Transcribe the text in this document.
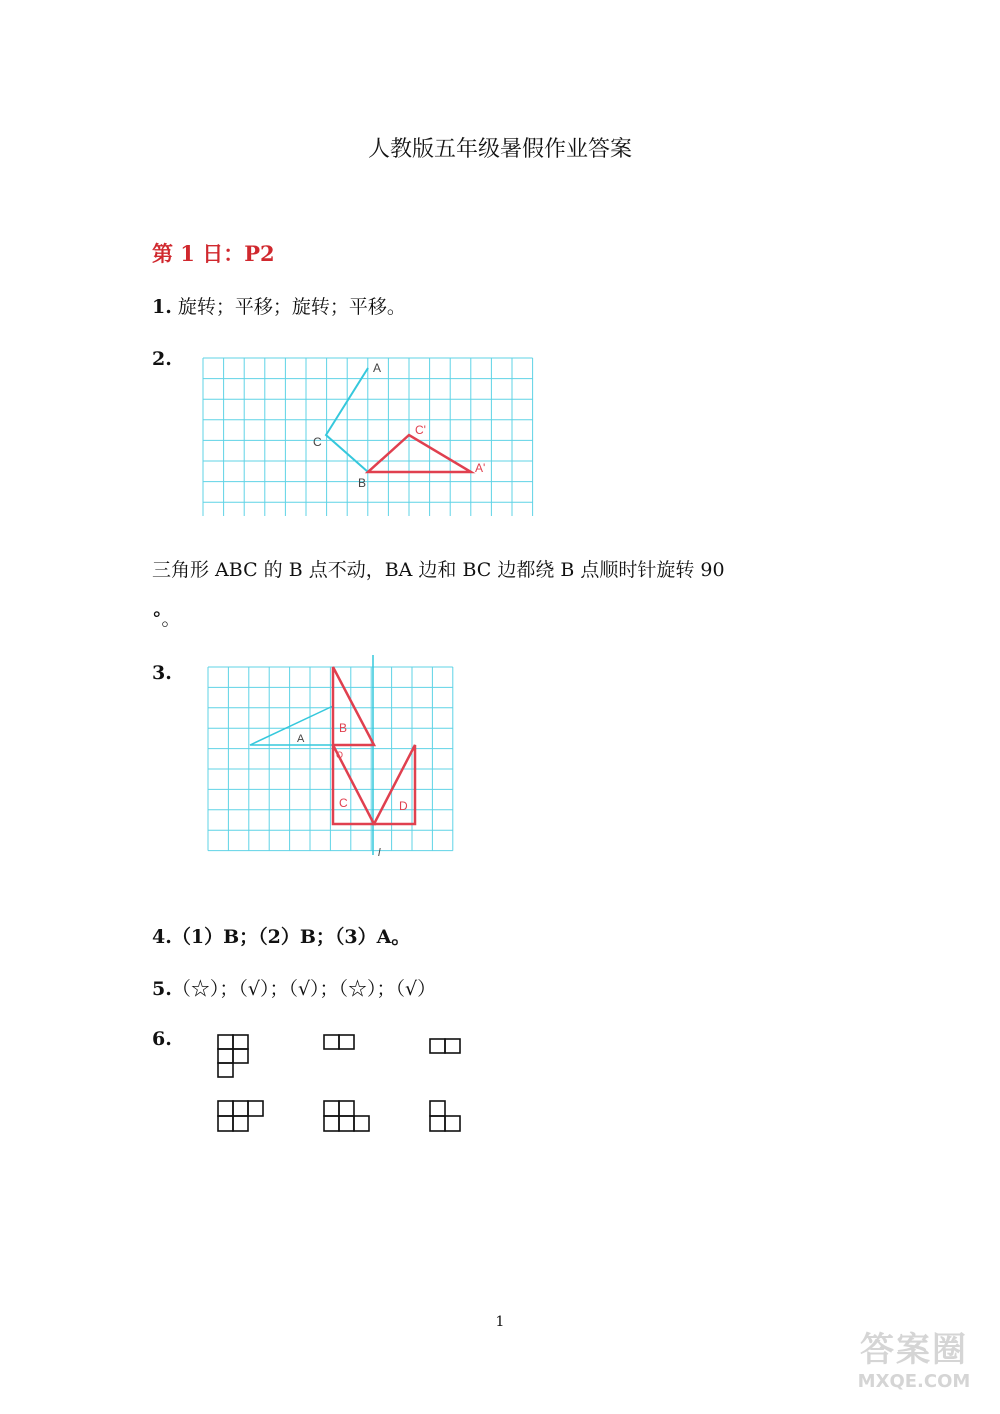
人教版五年级暑假作业答案
第 1 日：P2
1. 旋转；平移；旋转；平移。
2.	A
C
B
C'
A'
三角形 ABC 的 B 点不动，BA 边和 BC 边都绕 B 点顺时针旋转 90
°。
3.
A
B
O
C	D
l
4.（1）B；（2）B；（3）A。
5.（☆）；（√）；（√）；（☆）；（√）
6.
1
答案圈
MXQE.COM
